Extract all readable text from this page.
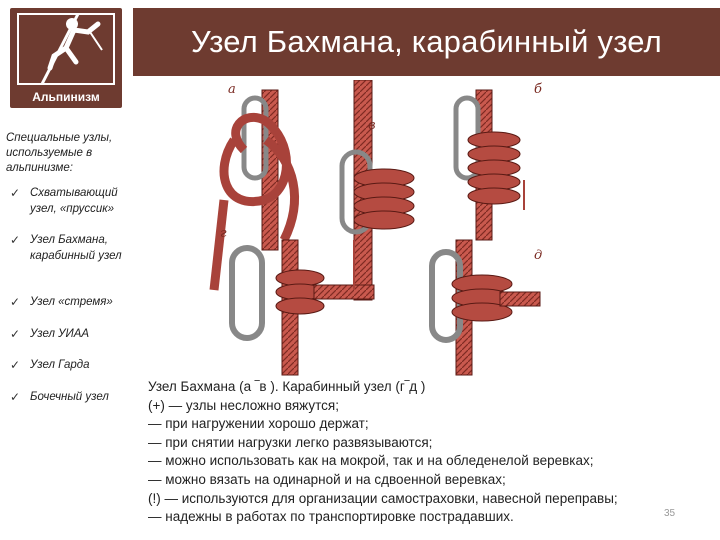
Альпинизм
Узел Бахмана, карабинный узел
Специальные узлы, используемые в альпинизме:
✓ Схватывающий узел, «пруссик»
✓ Узел Бахмана, карабинный узел
✓ Узел «стремя»
✓ Узел УИАА
✓ Узел Гарда
✓ Бочечный узел
а	б
в
г
д
Узел Бахмана (а ‾в ). Карабинный узел (г‾д )
(+) — узлы несложно вяжутся;
— при нагружении хорошо держат;
— при снятии нагрузки легко развязываются;
— можно использовать как на мокрой, так и на обледенелой веревках;
— можно вязать на одинарной и на сдвоенной веревках;
(!) — используются для организации самостраховки, навесной переправы;
— надежны в работах по транспортировке пострадавших.	35
